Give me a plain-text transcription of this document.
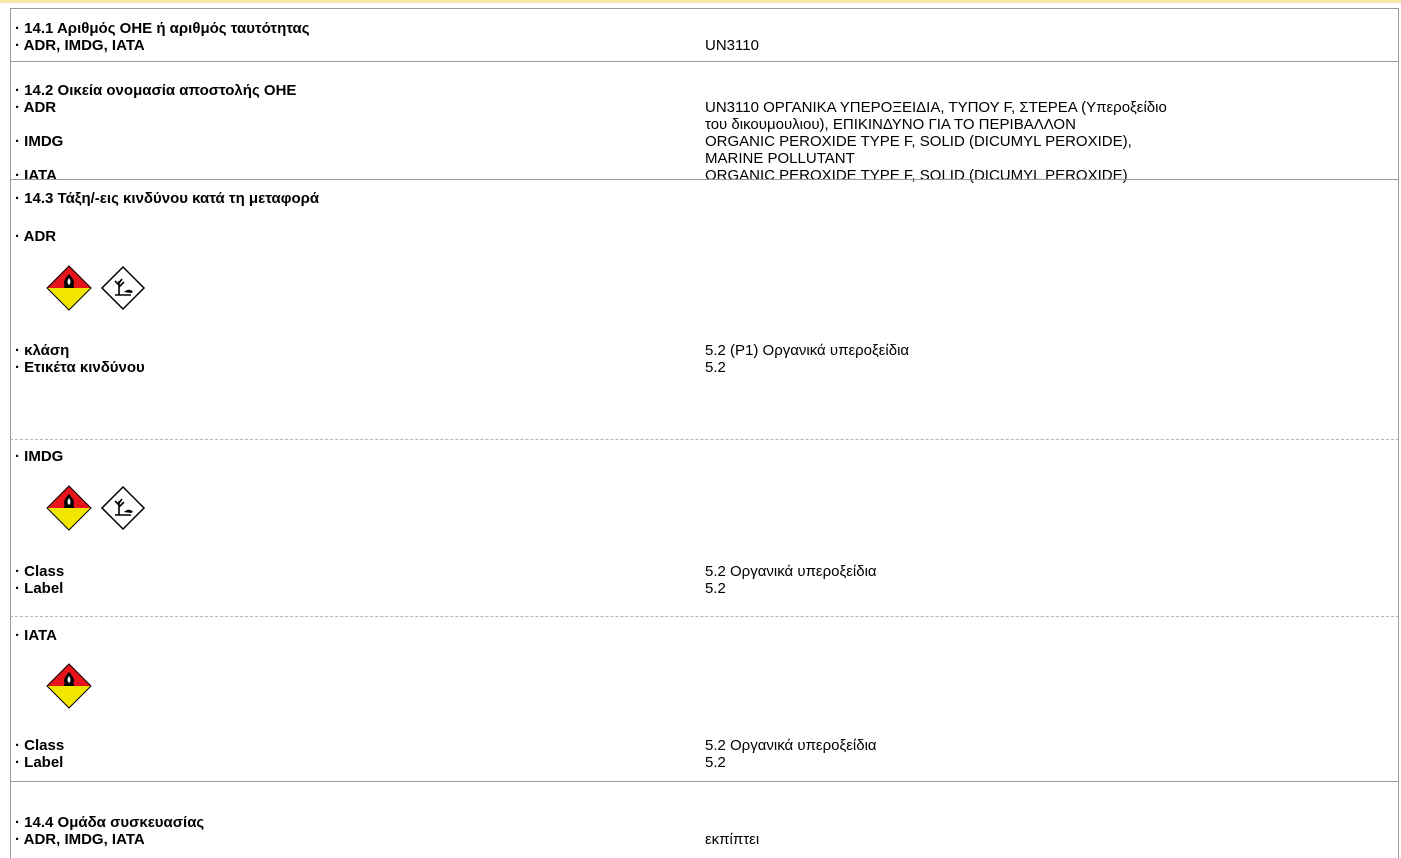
· 14.1 Αριθμός ΟΗΕ ή αριθμός ταυτότητας
· ADR, IMDG, IATA	UN3110
· 14.2 Οικεία ονομασία αποστολής ΟΗΕ
· ADR	UN3110 ΟΡΓΑΝΙΚΑ ΥΠΕΡΟΞΕΙΔΙΑ, ΤΥΠΟΥ F, ΣΤΕΡΕΑ (Υπεροξείδιο
του δικουμουλιου), ΕΠΙΚΙΝΔΥΝΟ ΓΙΑ ΤΟ ΠΕΡΙΒΑΛΛΟΝ
· IMDG	ORGANIC PEROXIDE TYPE F, SOLID (DICUMYL PEROXIDE),
MARINE POLLUTANT
· IATA	ORGANIC PEROXIDE TYPE F, SOLID (DICUMYL PEROXIDE)
· 14.3 Τάξη/-εις κινδύνου κατά τη μεταφορά
· ADR
· κλάση	5.2 (P1) Οργανικά υπεροξείδια
· Ετικέτα κινδύνου	5.2
· IMDG
· Class	5.2 Οργανικά υπεροξείδια
· Label	5.2
· IATA
· Class	5.2 Οργανικά υπεροξείδια
· Label	5.2
· 14.4 Ομάδα συσκευασίας
· ADR, IMDG, IATA	εκπίπτει
